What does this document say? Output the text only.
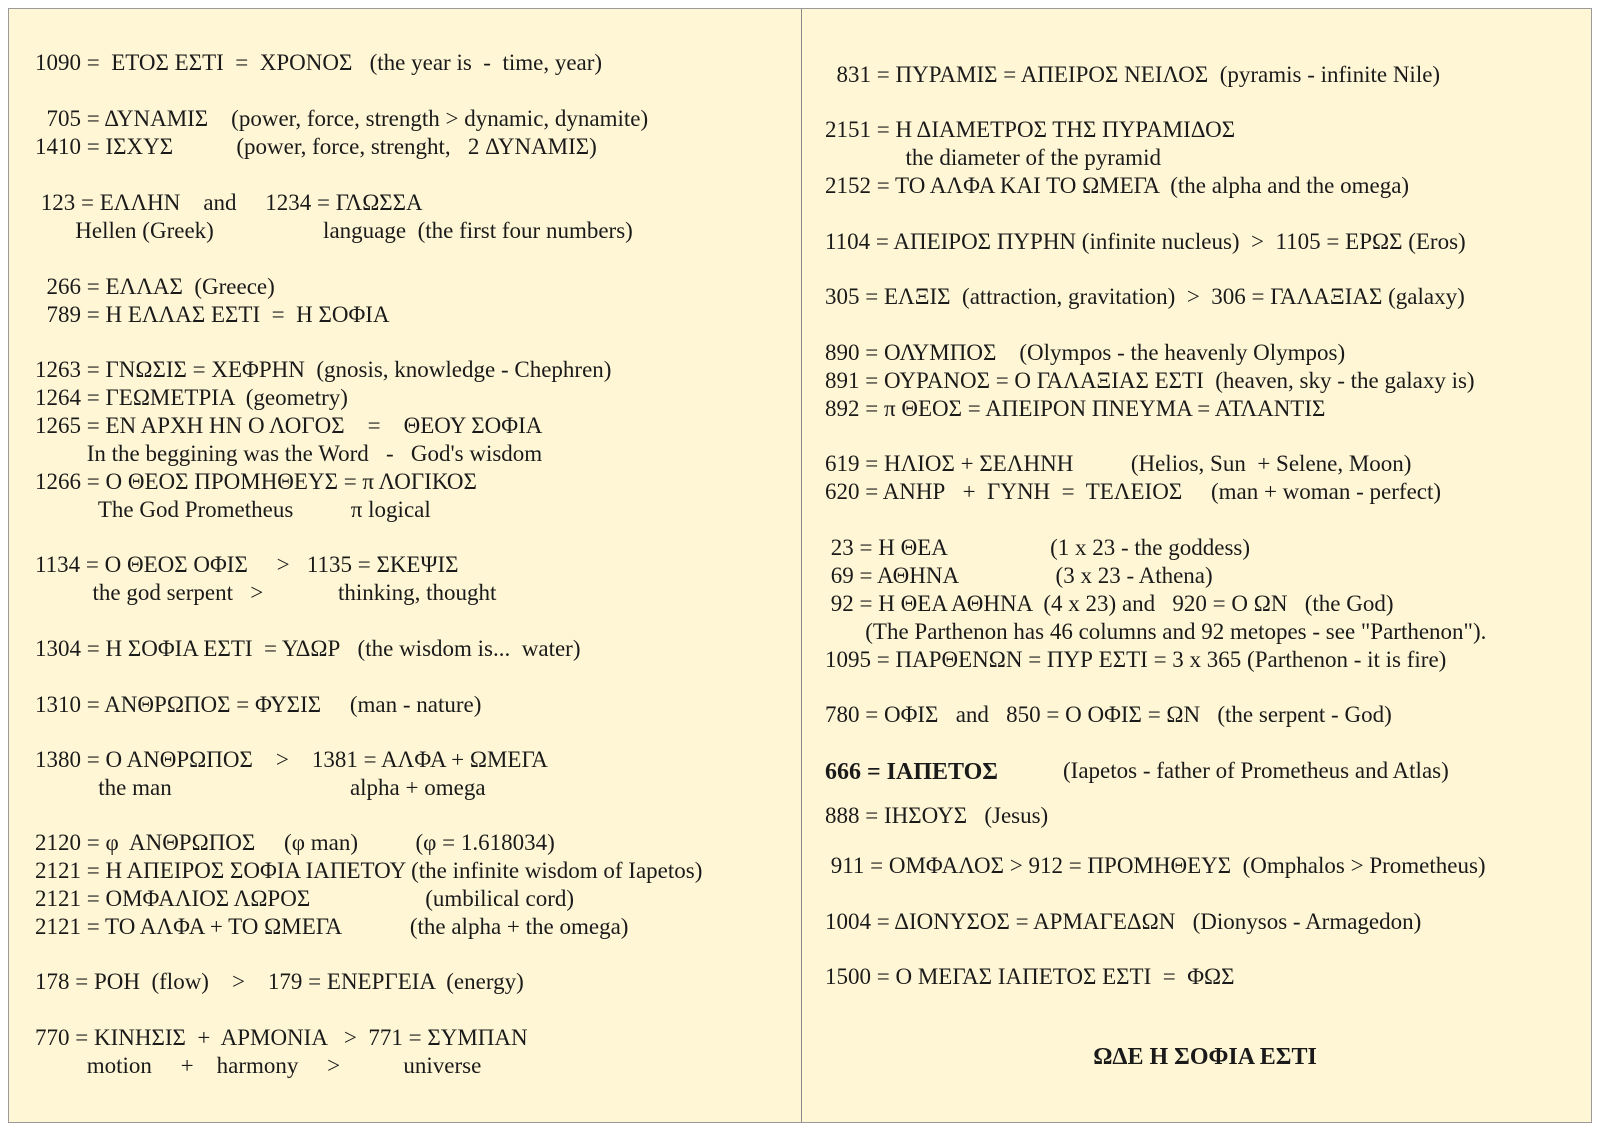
1090 =  ΕΤΟΣ ΕΣΤΙ  =  ΧΡΟΝΟΣ   (the year is  -  time, year)
705 = ΔΥΝΑΜΙΣ    (power, force, strength > dynamic, dynamite)
1410 = ΙΣΧΥΣ           (power, force, strenght,   2 ΔΥΝΑΜΙΣ)
123 = ΕΛΛΗΝ    and     1234 = ΓΛΩΣΣΑ
Hellen (Greek)                   language  (the first four numbers)
266 = ΕΛΛΑΣ  (Greece)
789 = Η ΕΛΛΑΣ ΕΣΤΙ  =  Η ΣΟΦΙΑ
1263 = ΓΝΩΣΙΣ = ΧΕΦΡΗΝ  (gnosis, knowledge - Chephren)
1264 = ΓΕΩΜΕΤΡΙΑ  (geometry)
1265 = ΕΝ ΑΡΧΗ ΗΝ Ο ΛΟΓΟΣ    =    ΘΕΟΥ ΣΟΦΙΑ
In the beggining was the Word   -   God's wisdom
1266 = Ο ΘΕΟΣ ΠΡΟΜΗΘΕΥΣ = π ΛΟΓΙΚΟΣ
The God Prometheus          π logical
1134 = Ο ΘΕΟΣ ΟΦΙΣ     >   1135 = ΣΚΕΨΙΣ
the god serpent   >             thinking, thought
1304 = Η ΣΟΦΙΑ ΕΣΤΙ  = ΥΔΩΡ   (the wisdom is...  water)
1310 = ΑΝΘΡΩΠΟΣ = ΦΥΣΙΣ     (man - nature)
1380 = Ο ΑΝΘΡΩΠΟΣ    >    1381 = ΑΛΦΑ + ΩΜΕΓΑ
the man                               alpha + omega
2120 = φ  ΑΝΘΡΩΠΟΣ     (φ man)          (φ = 1.618034)
2121 = Η ΑΠΕΙΡΟΣ ΣΟΦΙΑ ΙΑΠΕΤΟΥ (the infinite wisdom of Iapetos)
2121 = ΟΜΦΑΛΙΟΣ ΛΩΡΟΣ                    (umbilical cord)
2121 = ΤΟ ΑΛΦΑ + ΤΟ ΩΜΕΓΑ            (the alpha + the omega)
178 = ΡΟΗ  (flow)    >    179 = ΕΝΕΡΓΕΙΑ  (energy)
770 = ΚΙΝΗΣΙΣ  +  ΑΡΜΟΝΙΑ   >  771 = ΣΥΜΠΑΝ
motion     +    harmony     >           universe
831 = ΠΥΡΑΜΙΣ = ΑΠΕΙΡΟΣ ΝΕΙΛΟΣ  (pyramis - infinite Nile)
2151 = Η ΔΙΑΜΕΤΡΟΣ ΤΗΣ ΠΥΡΑΜΙΔΟΣ
the diameter of the pyramid
2152 = ΤΟ ΑΛΦΑ ΚΑΙ ΤΟ ΩΜΕΓΑ  (the alpha and the omega)
1104 = ΑΠΕΙΡΟΣ ΠΥΡΗΝ (infinite nucleus)  >  1105 = ΕΡΩΣ (Eros)
305 = ΕΛΞΙΣ  (attraction, gravitation)  >  306 = ΓΑΛΑΞΙΑΣ (galaxy)
890 = ΟΛΥΜΠΟΣ    (Olympos - the heavenly Olympos)
891 = ΟΥΡΑΝΟΣ = Ο ΓΑΛΑΞΙΑΣ ΕΣΤΙ  (heaven, sky - the galaxy is)
892 = π ΘΕΟΣ = ΑΠΕΙΡΟΝ ΠΝΕΥΜΑ = ΑΤΛΑΝΤΙΣ
619 = ΗΛΙΟΣ + ΣΕΛΗΝΗ          (Helios, Sun  + Selene, Moon)
620 = ΑΝΗΡ   +  ΓΥΝΗ  =  ΤΕΛΕΙΟΣ     (man + woman - perfect)
23 = Η ΘΕΑ                  (1 x 23 - the goddess)
69 = ΑΘΗΝΑ                 (3 x 23 - Athena)
92 = Η ΘΕΑ ΑΘΗΝΑ  (4 x 23) and   920 = Ο ΩΝ   (the God)
(The Parthenon has 46 columns and 92 metopes - see "Parthenon").
1095 = ΠΑΡΘΕΝΩΝ = ΠΥΡ ΕΣΤΙ = 3 x 365 (Parthenon - it is fire)
780 = ΟΦΙΣ   and   850 = Ο ΟΦΙΣ = ΩΝ   (the serpent - God)
666 = ΙΑΠΕΤΟΣ	(Iapetos - father of Prometheus and Atlas)
888 = ΙΗΣΟΥΣ   (Jesus)
911 = ΟΜΦΑΛΟΣ > 912 = ΠΡΟΜΗΘΕΥΣ  (Omphalos > Prometheus)
1004 = ΔΙΟΝΥΣΟΣ = ΑΡΜΑΓΕΔΩΝ   (Dionysos - Armagedon)
1500 = Ο ΜΕΓΑΣ ΙΑΠΕΤΟΣ ΕΣΤΙ  =  ΦΩΣ
ΩΔΕ Η ΣΟΦΙΑ ΕΣΤΙ
